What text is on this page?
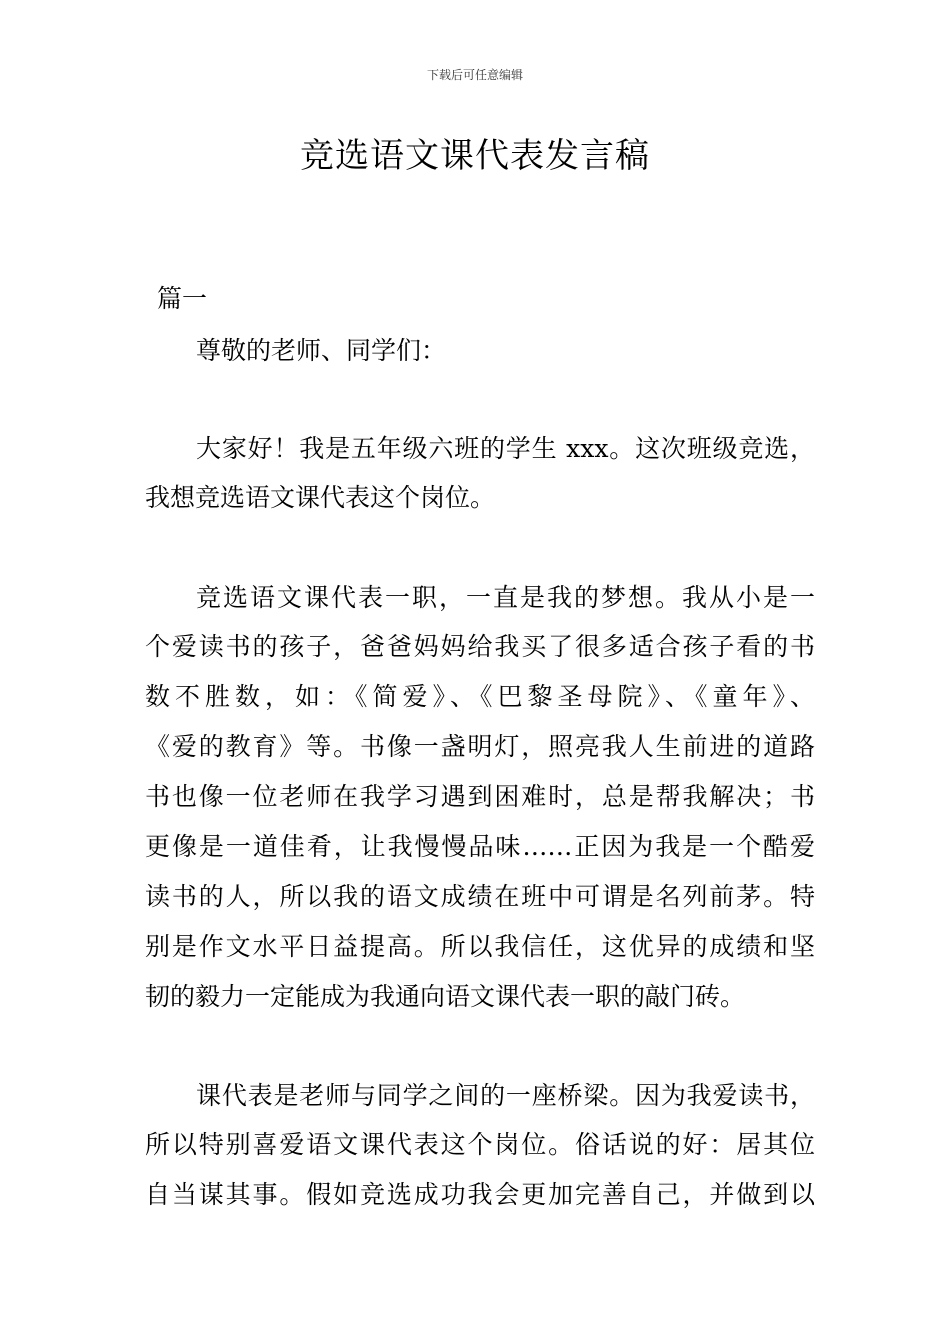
下载后可任意编辑
竞选语文课代表发言稿
篇一
尊敬的老师、同学们：
大家好！我是五年级六班的学生 xxx。这次班级竞选，
我想竞选语文课代表这个岗位。
竞选语文课代表一职，一直是我的梦想。我从小是一
个爱读书的孩子，爸爸妈妈给我买了很多适合孩子看的书
数不胜数，如：《简爱》、《巴黎圣母院》、《童年》、
《爱的教育》等。书像一盏明灯，照亮我人生前进的道路
书也像一位老师在我学习遇到困难时，总是帮我解决；书
更像是一道佳肴，让我慢慢品味……正因为我是一个酷爱
读书的人，所以我的语文成绩在班中可谓是名列前茅。特
别是作文水平日益提高。所以我信任，这优异的成绩和坚
韧的毅力一定能成为我通向语文课代表一职的敲门砖。
课代表是老师与同学之间的一座桥梁。因为我爱读书，
所以特别喜爱语文课代表这个岗位。俗话说的好：居其位
自当谋其事。假如竞选成功我会更加完善自己，并做到以
